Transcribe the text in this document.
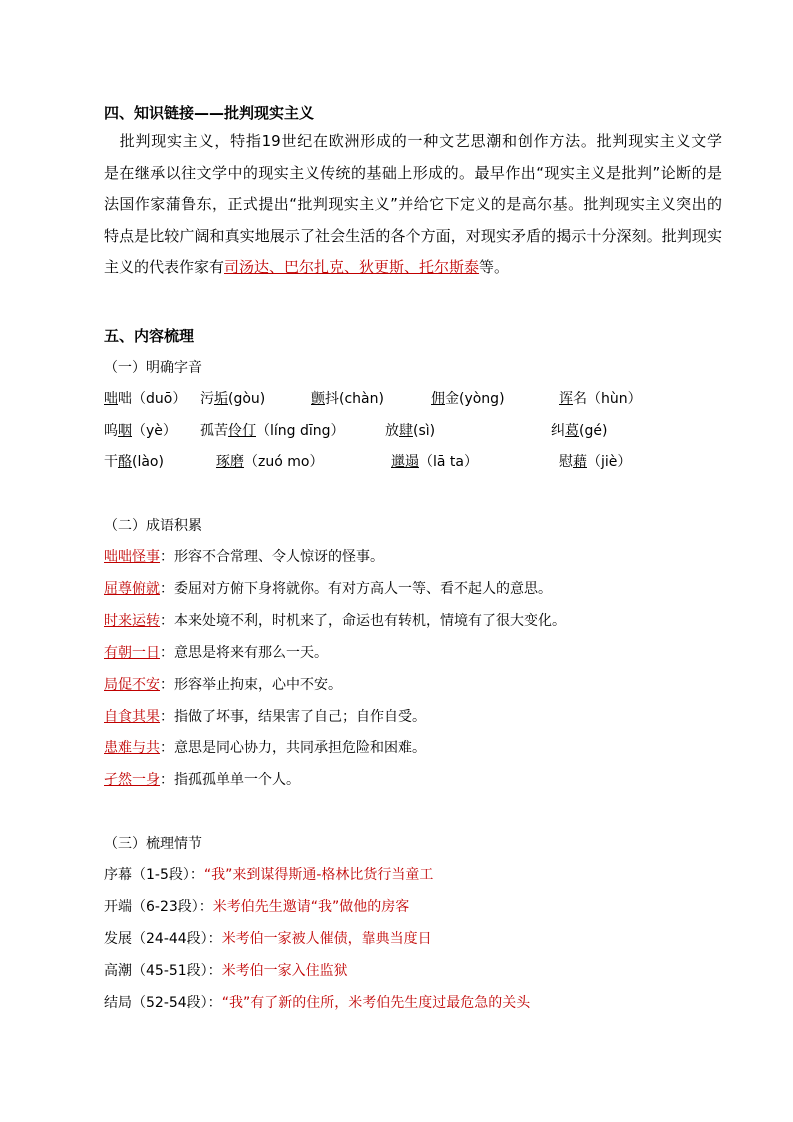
四、知识链接——批判现实主义
　批判现实主义，特指19世纪在欧洲形成的一种文艺思潮和创作方法。批判现实主义文学
是在继承以往文学中的现实主义传统的基础上形成的。最早作出“现实主义是批判”论断的是
法国作家蒲鲁东，正式提出“批判现实主义”并给它下定义的是高尔基。批判现实主义突出的
特点是比较广阔和真实地展示了社会生活的各个方面，对现实矛盾的揭示十分深刻。批判现实
主义的代表作家有司汤达、巴尔扎克、狄更斯、托尔斯泰等。
五、内容梳理
（一）明确字音
咄咄（duō） 污垢(gòu)	颤抖(chàn)	佣金(yòng)	诨名（hùn）
呜咽（yè） 孤苦伶仃（líng dīng）	放肆(sì)	纠葛(gé)
干酪(lào)	琢磨（zuó mo）	邋遢（lā ta）	慰藉（jiè）
（二）成语积累
咄咄怪事：形容不合常理、令人惊讶的怪事。
屈尊俯就：委屈对方俯下身将就你。有对方高人一等、看不起人的意思。
时来运转：本来处境不利，时机来了，命运也有转机，情境有了很大变化。
有朝一日：意思是将来有那么一天。
局促不安：形容举止拘束，心中不安。
自食其果：指做了坏事，结果害了自己；自作自受。
患难与共：意思是同心协力，共同承担危险和困难。
孑然一身：指孤孤单单一个人。
（三）梳理情节
序幕（1-5段）：“我”来到谋得斯通-格林比货行当童工
开端（6-23段）：米考伯先生邀请“我”做他的房客
发展（24-44段）：米考伯一家被人催债，靠典当度日
高潮（45-51段）：米考伯一家入住监狱
结局（52-54段）：“我”有了新的住所，米考伯先生度过最危急的关头
